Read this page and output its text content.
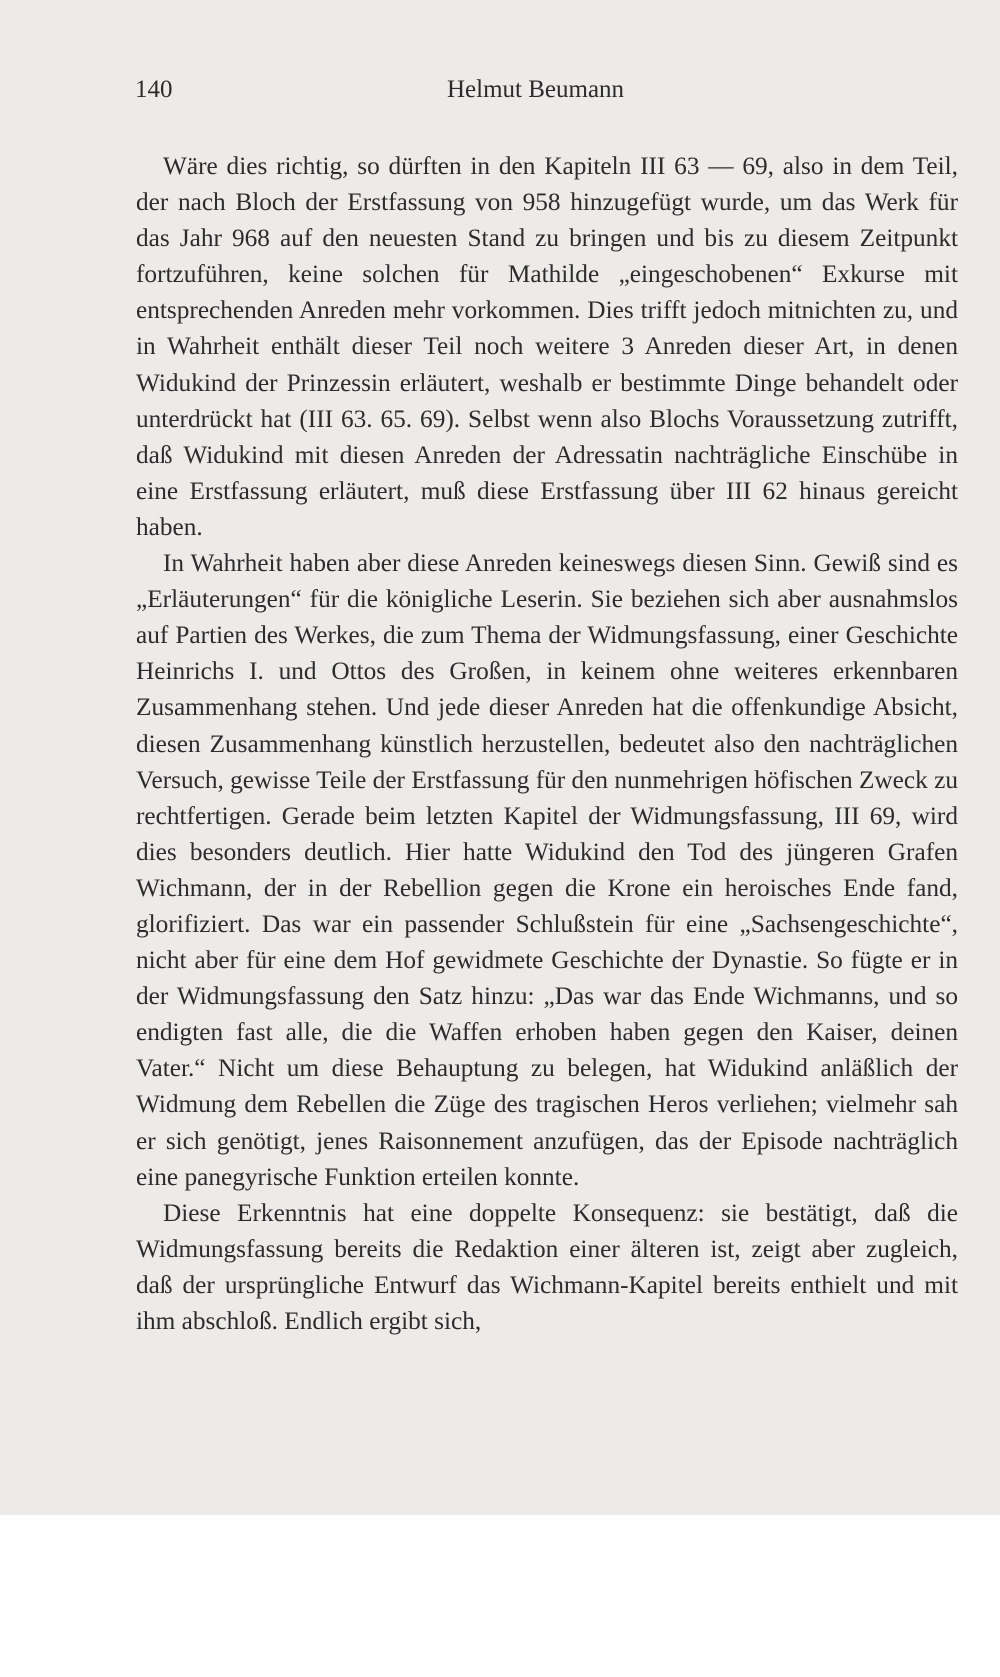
140	Helmut Beumann

Wäre dies richtig, so dürften in den Kapiteln III 63 — 69, also in dem Teil, der nach Bloch der Erstfassung von 958 hinzugefügt wurde, um das Werk für das Jahr 968 auf den neuesten Stand zu bringen und bis zu diesem Zeitpunkt fortzuführen, keine solchen für Mathilde „eingeschobenen“ Exkurse mit entsprechenden Anreden mehr vorkommen. Dies trifft jedoch mitnichten zu, und in Wahrheit enthält dieser Teil noch weitere 3 Anreden dieser Art, in denen Widukind der Prinzessin erläutert, weshalb er bestimmte Dinge behandelt oder unterdrückt hat (III 63. 65. 69). Selbst wenn also Blochs Voraussetzung zutrifft, daß Widukind mit diesen Anreden der Adressatin nachträgliche Einschübe in eine Erstfassung erläutert, muß diese Erstfassung über III 62 hinaus gereicht haben.

In Wahrheit haben aber diese Anreden keineswegs diesen Sinn. Gewiß sind es „Erläuterungen“ für die königliche Leserin. Sie beziehen sich aber ausnahmslos auf Partien des Werkes, die zum Thema der Widmungsfassung, einer Geschichte Heinrichs I. und Ottos des Großen, in keinem ohne weiteres erkennbaren Zusammenhang stehen. Und jede dieser Anreden hat die offenkundige Absicht, diesen Zusammenhang künstlich herzustellen, bedeutet also den nachträglichen Versuch, gewisse Teile der Erstfassung für den nunmehrigen höfischen Zweck zu rechtfertigen. Gerade beim letzten Kapitel der Widmungsfassung, III 69, wird dies besonders deutlich. Hier hatte Widukind den Tod des jüngeren Grafen Wichmann, der in der Rebellion gegen die Krone ein heroisches Ende fand, glorifiziert. Das war ein passender Schlußstein für eine „Sachsengeschichte“, nicht aber für eine dem Hof gewidmete Geschichte der Dynastie. So fügte er in der Widmungsfassung den Satz hinzu: „Das war das Ende Wichmanns, und so endigten fast alle, die die Waffen erhoben haben gegen den Kaiser, deinen Vater.“ Nicht um diese Behauptung zu belegen, hat Widukind anläßlich der Widmung dem Rebellen die Züge des tragischen Heros verliehen; vielmehr sah er sich genötigt, jenes Raisonnement anzufügen, das der Episode nachträglich eine panegyrische Funktion erteilen konnte.

Diese Erkenntnis hat eine doppelte Konsequenz: sie bestätigt, daß die Widmungsfassung bereits die Redaktion einer älteren ist, zeigt aber zugleich, daß der ursprüngliche Entwurf das Wichmann-Kapitel bereits enthielt und mit ihm abschloß. Endlich ergibt sich,
